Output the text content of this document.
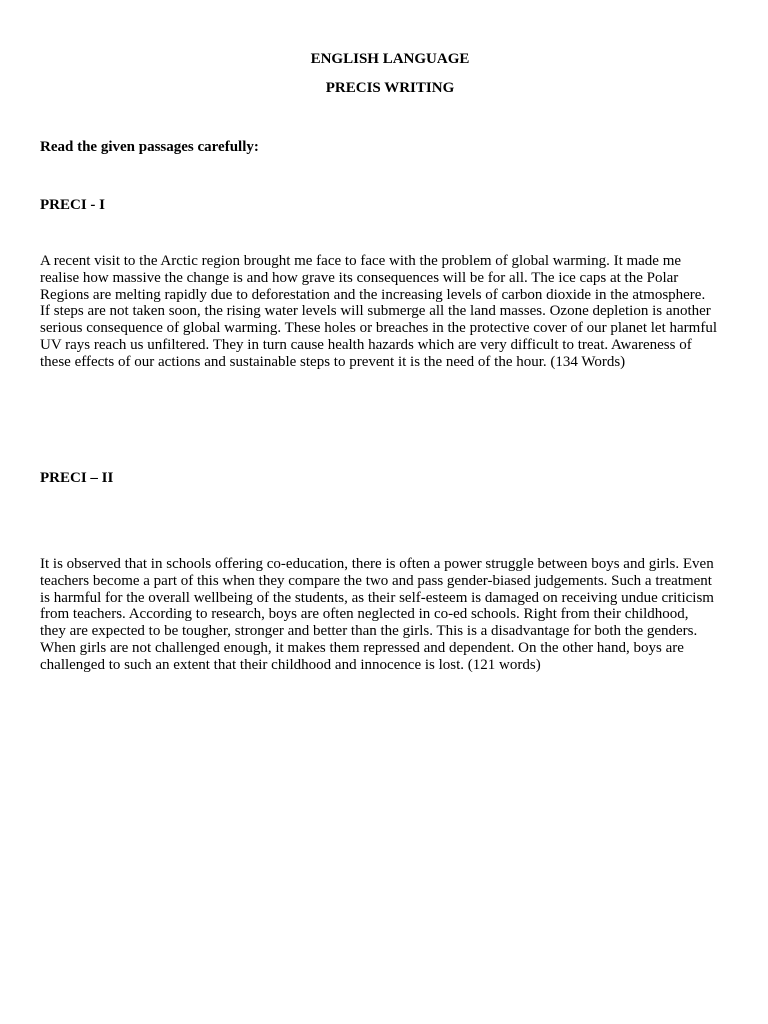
ENGLISH LANGUAGE
PRECIS WRITING

Read the given passages carefully:

PRECI - I

A recent visit to the Arctic region brought me face to face with the problem of global warming. It made me
realise how massive the change is and how grave its consequences will be for all. The ice caps at the Polar
Regions are melting rapidly due to deforestation and the increasing levels of carbon dioxide in the atmosphere.
If steps are not taken soon, the rising water levels will submerge all the land masses. Ozone depletion is another
serious consequence of global warming. These holes or breaches in the protective cover of our planet let harmful
UV rays reach us unfiltered. They in turn cause health hazards which are very difficult to treat. Awareness of
these effects of our actions and sustainable steps to prevent it is the need of the hour. (134 Words)

PRECI – II

It is observed that in schools offering co-education, there is often a power struggle between boys and girls. Even
teachers become a part of this when they compare the two and pass gender-biased judgements. Such a treatment
is harmful for the overall wellbeing of the students, as their self-esteem is damaged on receiving undue criticism
from teachers. According to research, boys are often neglected in co-ed schools. Right from their childhood,
they are expected to be tougher, stronger and better than the girls. This is a disadvantage for both the genders.
When girls are not challenged enough, it makes them repressed and dependent. On the other hand, boys are
challenged to such an extent that their childhood and innocence is lost. (121 words)
